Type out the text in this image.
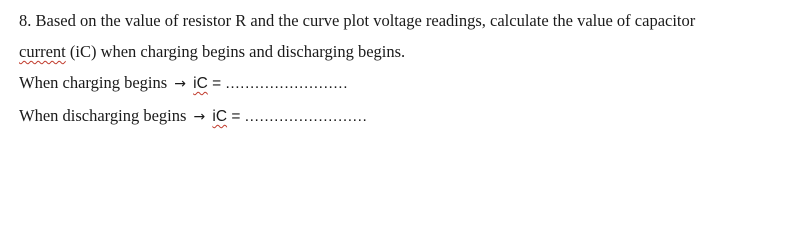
8. Based on the value of resistor R and the curve plot voltage readings, calculate the value of capacitor
current (iC) when charging begins and discharging begins.
When charging begins → iC = .........................
When discharging begins → iC = .........................
